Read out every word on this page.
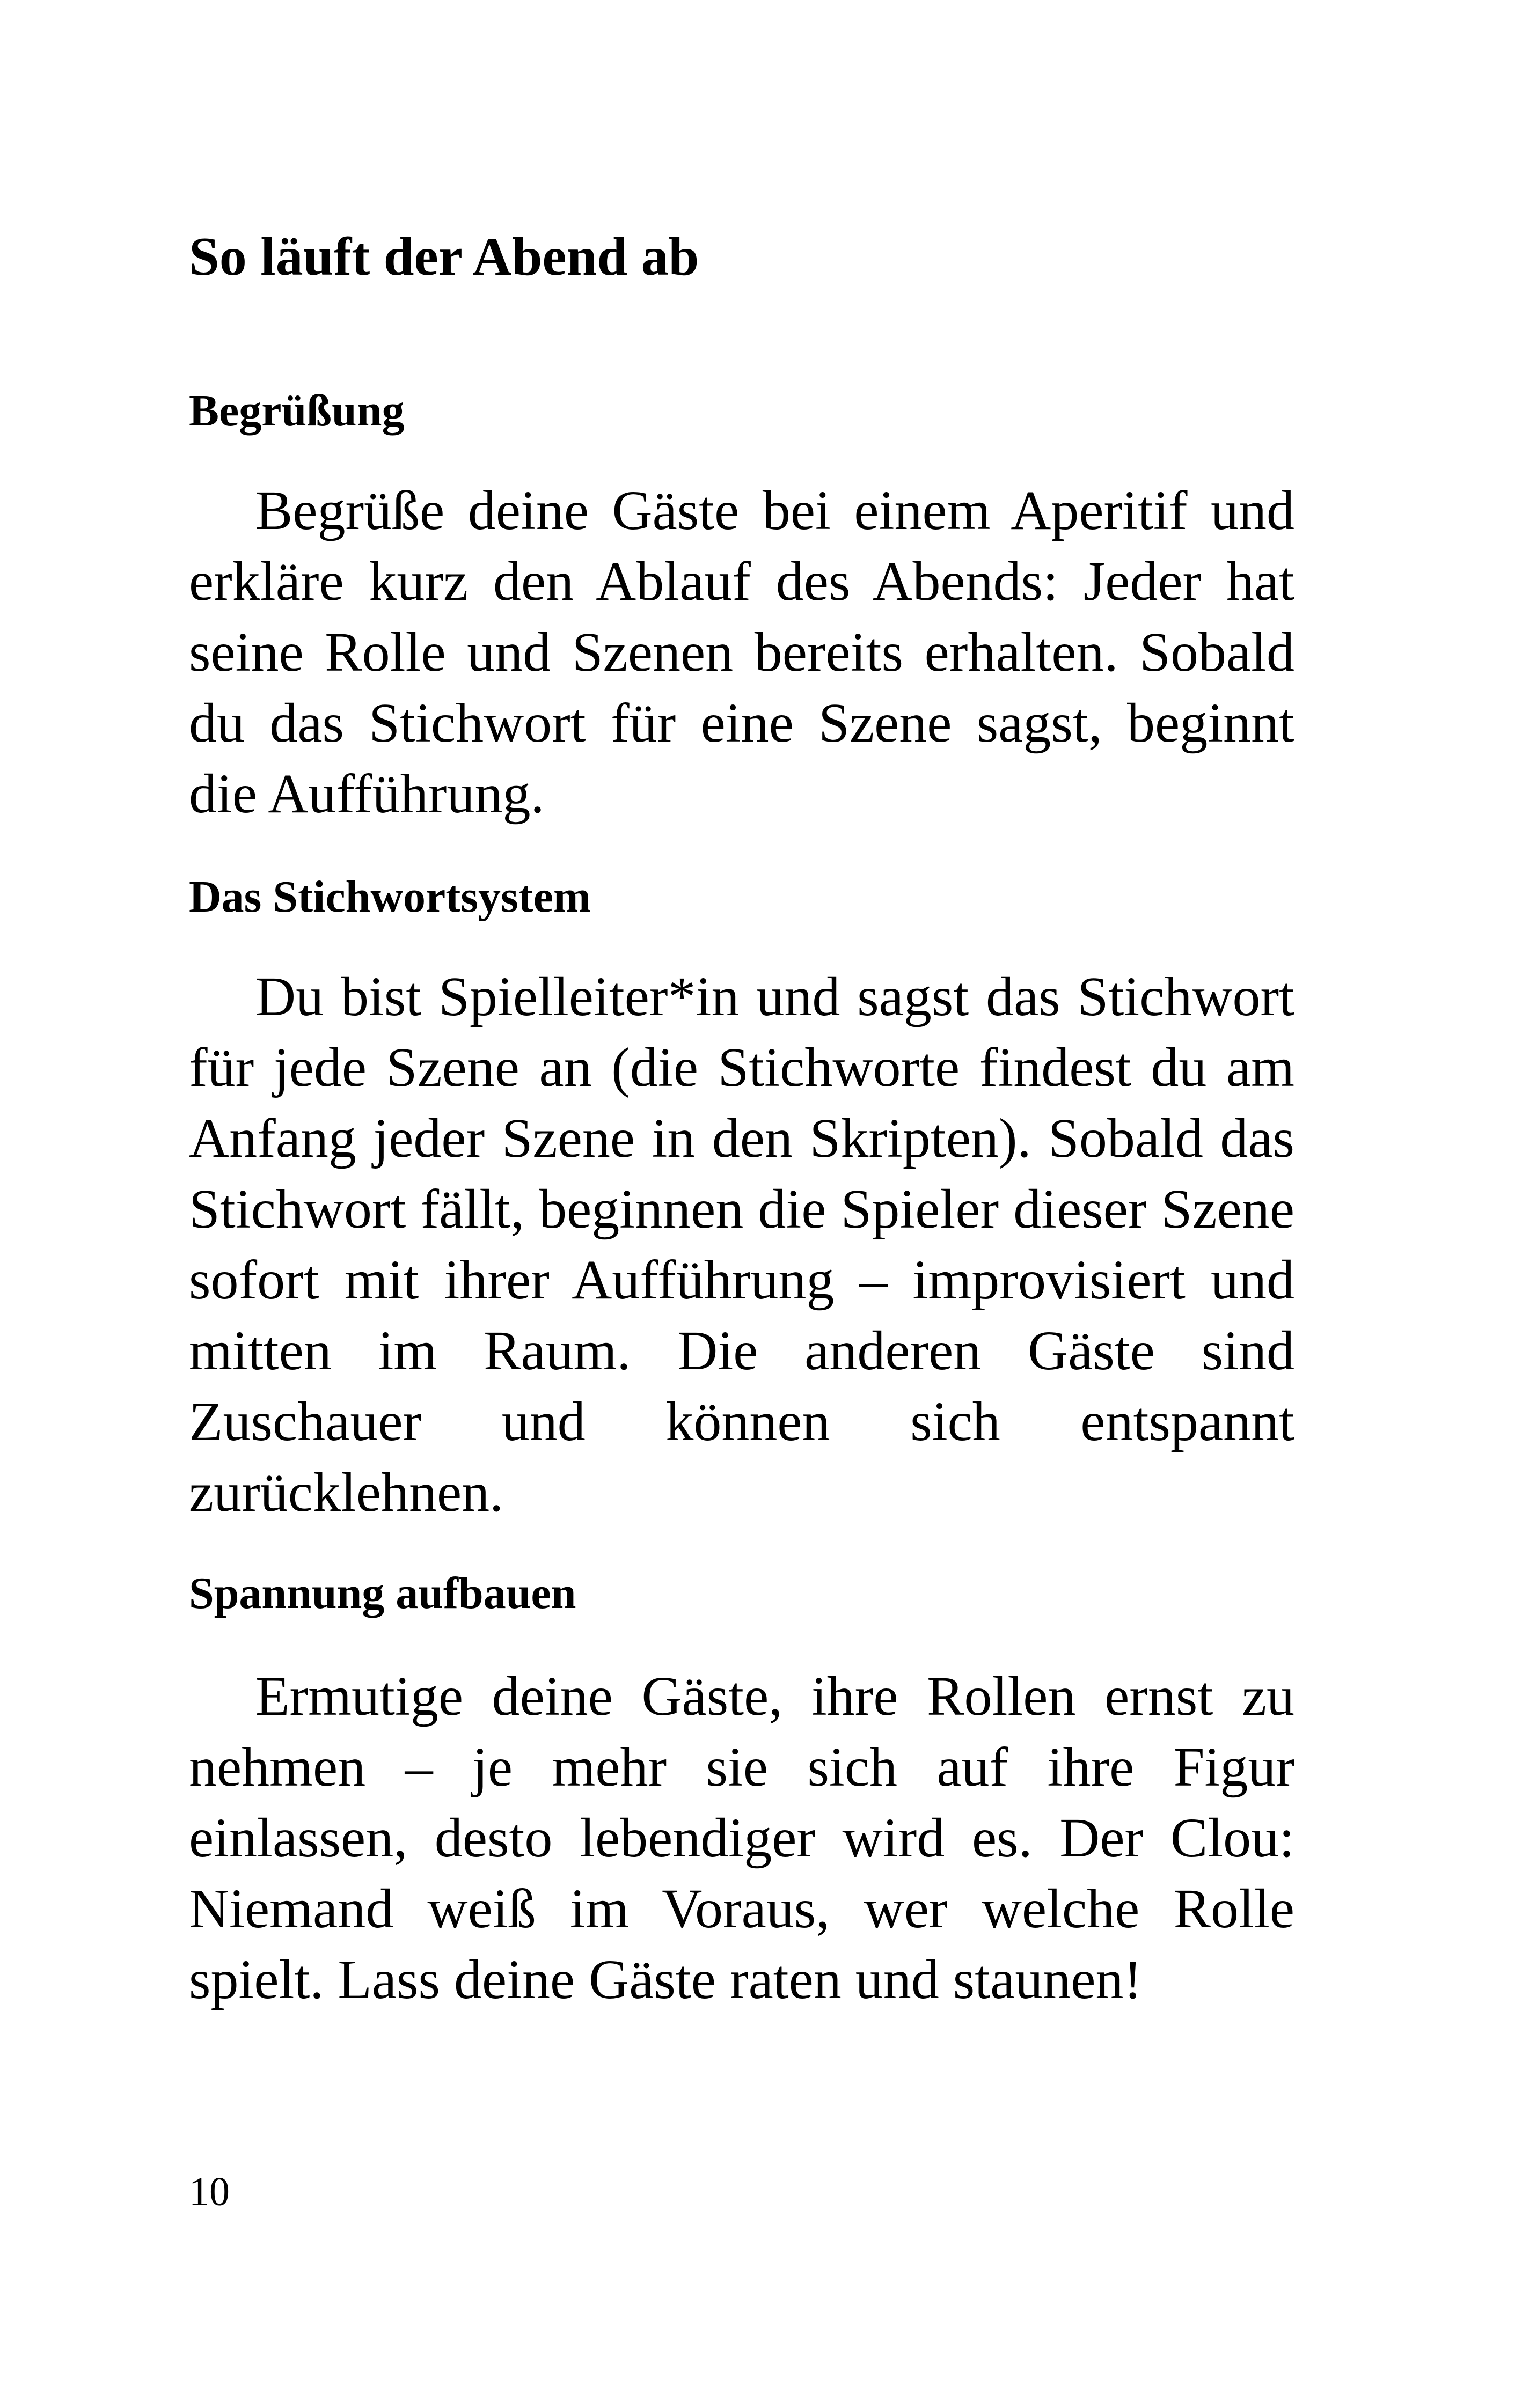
So läuft der Abend ab
Begrüßung

Begrüße deine Gäste bei einem Aperitif und erkläre kurz den Ablauf des Abends: Jeder hat seine Rolle und Szenen bereits erhalten. Sobald du das Stichwort für eine Szene sagst, beginnt die Aufführung.

Das Stichwortsystem

Du bist Spielleiter*in und sagst das Stichwort für jede Szene an (die Stichworte findest du am Anfang jeder Szene in den Skripten). Sobald das Stichwort fällt, beginnen die Spieler dieser Szene sofort mit ihrer Aufführung – improvisiert und mitten im Raum. Die anderen Gäste sind Zuschauer und können sich entspannt zurücklehnen.

Spannung aufbauen

Ermutige deine Gäste, ihre Rollen ernst zu nehmen – je mehr sie sich auf ihre Figur einlassen, desto lebendiger wird es. Der Clou: Niemand weiß im Voraus, wer welche Rolle spielt. Lass deine Gäste raten und staunen!

10
